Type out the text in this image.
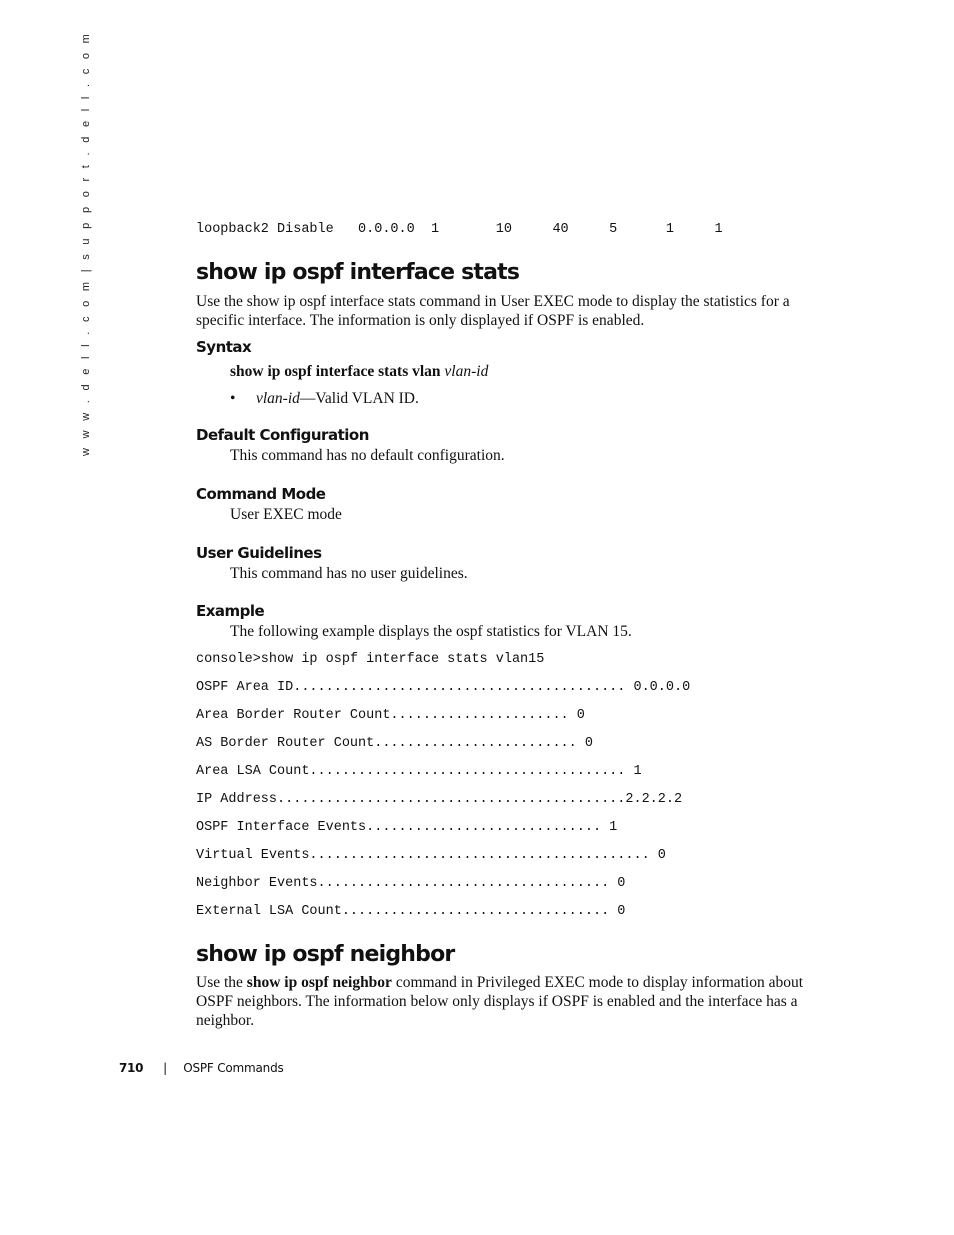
w w w . d e l l . c o m | s u p p o r t . d e l l . c o m	loopback2 Disable   0.0.0.0  1       10     40     5      1     1

show ip ospf interface stats

Use the show ip ospf interface stats command in User EXEC mode to display the statistics for a specific interface. The information is only displayed if OSPF is enabled.

Syntax

show ip ospf interface stats vlan vlan-id

• vlan-id—Valid VLAN ID.

Default Configuration

This command has no default configuration.

Command Mode

User EXEC mode

User Guidelines

This command has no user guidelines.

Example

The following example displays the ospf statistics for VLAN 15.

console>show ip ospf interface stats vlan15

OSPF Area ID......................................... 0.0.0.0

Area Border Router Count...................... 0

AS Border Router Count......................... 0

Area LSA Count....................................... 1

IP Address...........................................2.2.2.2

OSPF Interface Events............................. 1

Virtual Events.......................................... 0

Neighbor Events.................................... 0

External LSA Count................................. 0

show ip ospf neighbor

Use the show ip ospf neighbor command in Privileged EXEC mode to display information about OSPF neighbors. The information below only displays if OSPF is enabled and the interface has a neighbor.

710 | OSPF Commands
